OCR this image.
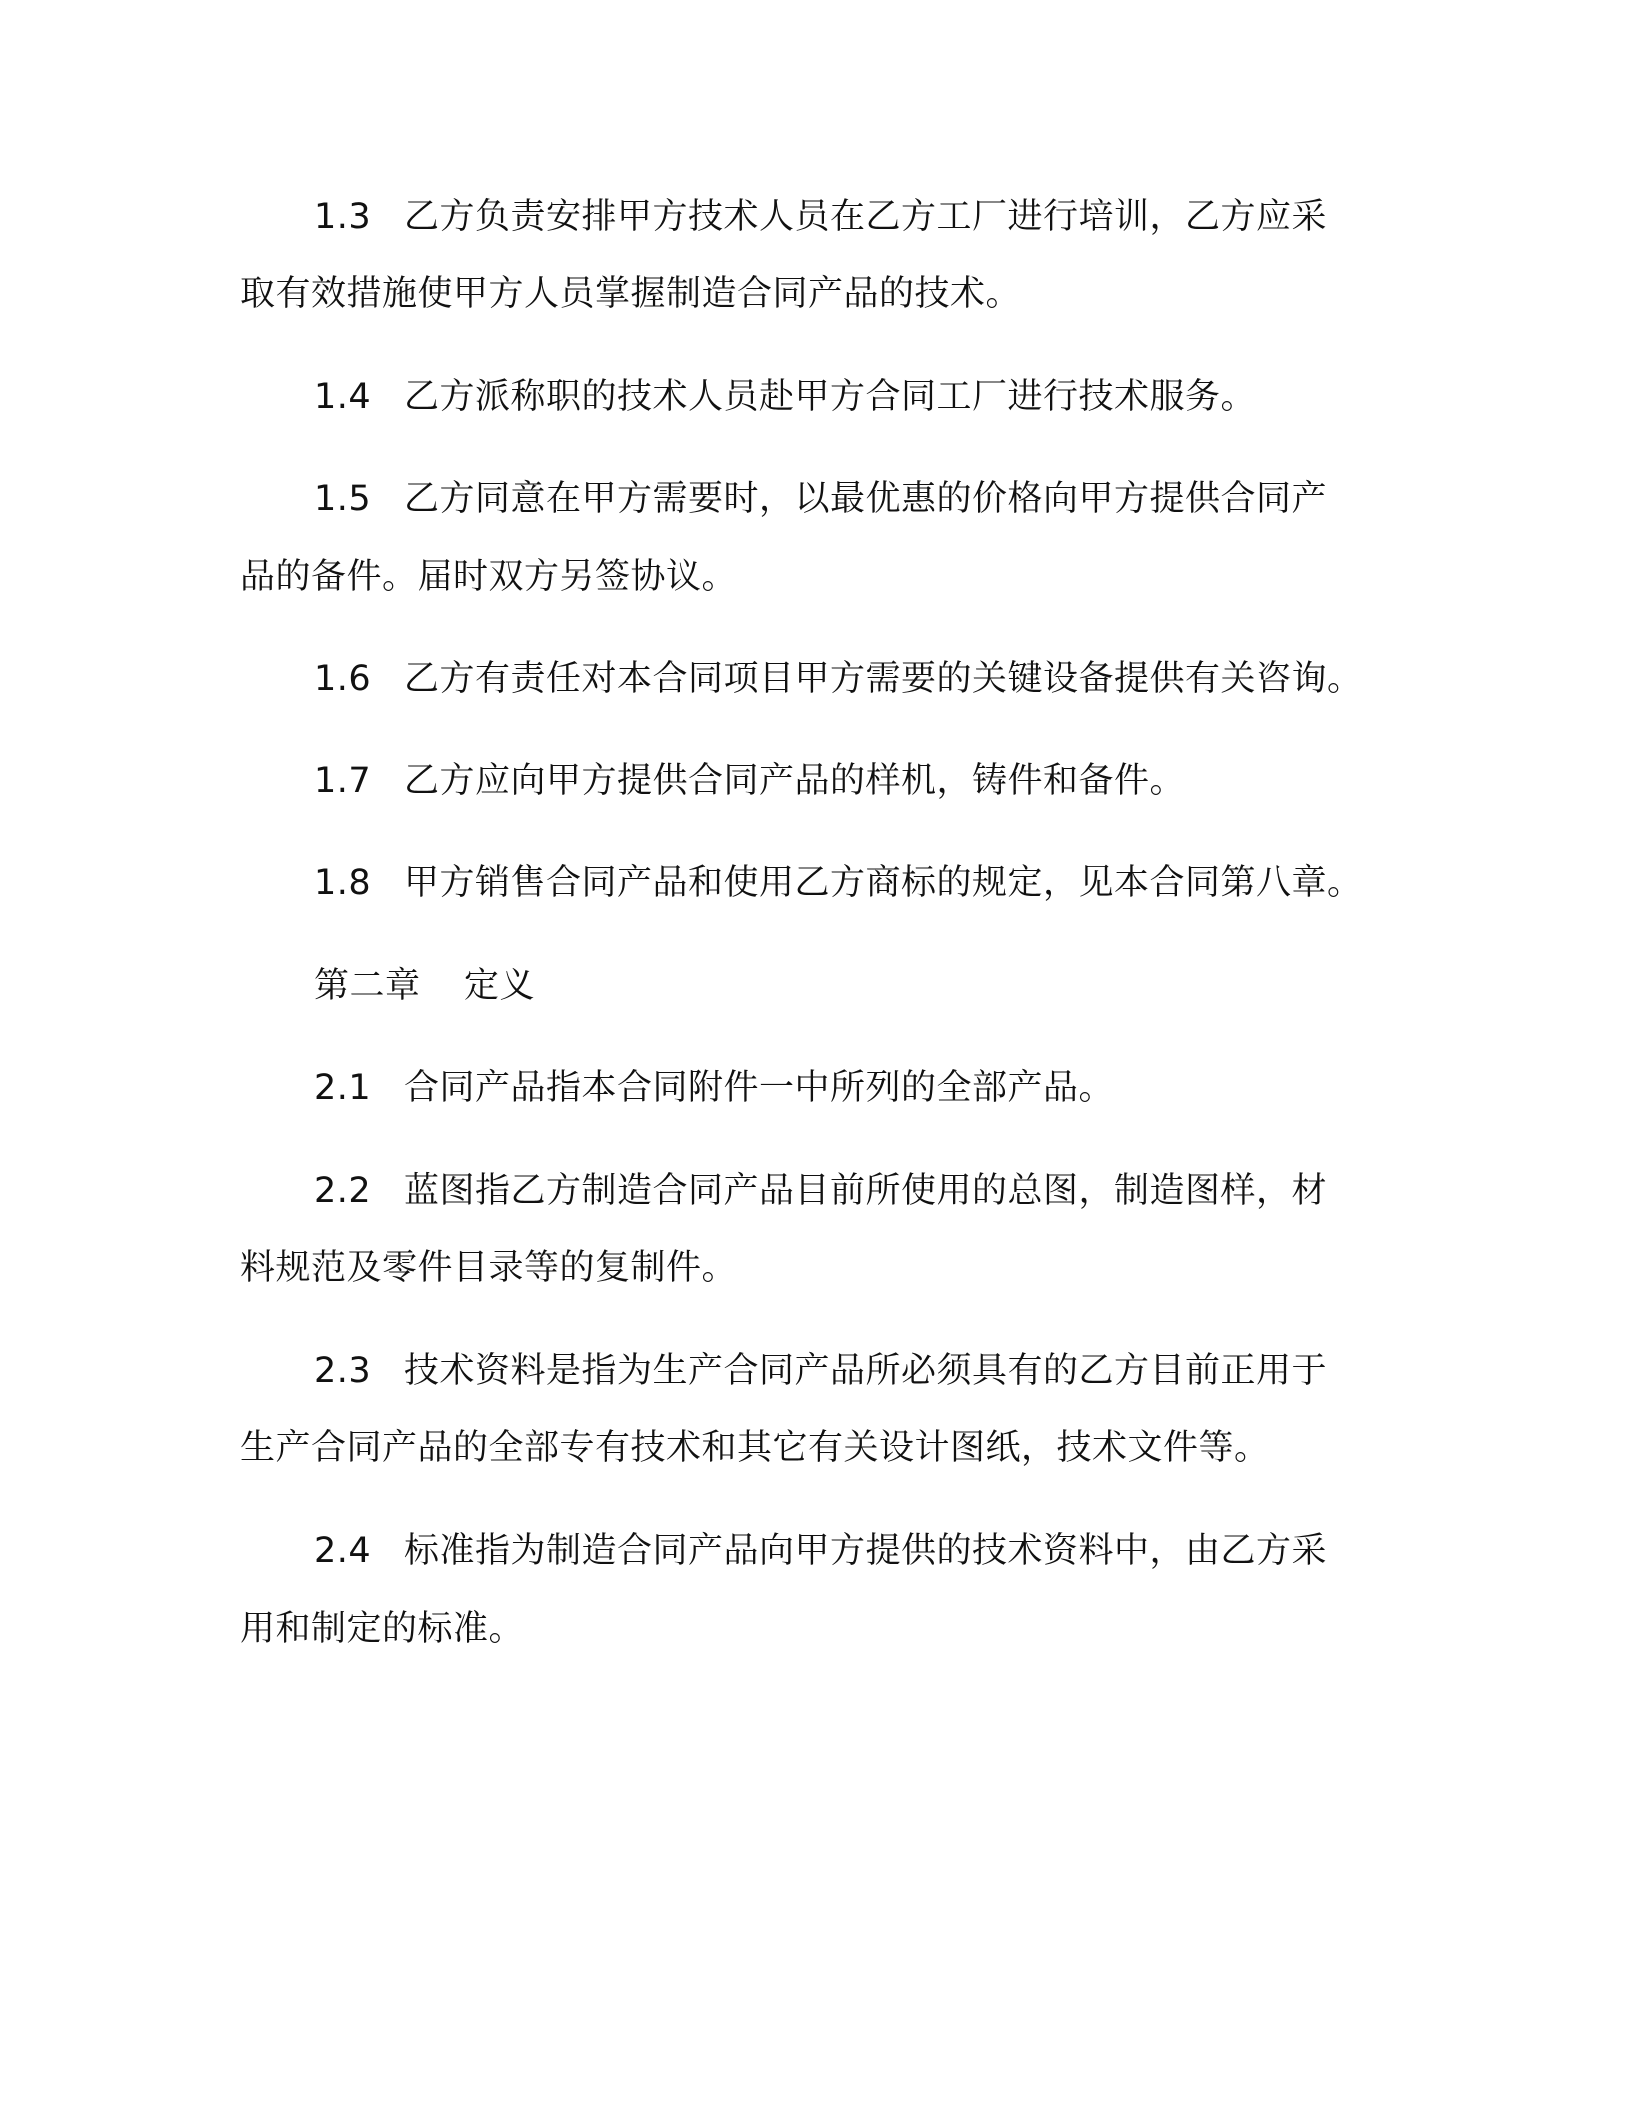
1.3 乙方负责安排甲方技术人员在乙方工厂进行培训，乙方应采
取有效措施使甲方人员掌握制造合同产品的技术。
1.4 乙方派称职的技术人员赴甲方合同工厂进行技术服务。
1.5 乙方同意在甲方需要时，以最优惠的价格向甲方提供合同产
品的备件。届时双方另签协议。
1.6 乙方有责任对本合同项目甲方需要的关键设备提供有关咨询。
1.7 乙方应向甲方提供合同产品的样机，铸件和备件。
1.8 甲方销售合同产品和使用乙方商标的规定，见本合同第八章。
第二章 定义
2.1 合同产品指本合同附件一中所列的全部产品。
2.2 蓝图指乙方制造合同产品目前所使用的总图，制造图样，材
料规范及零件目录等的复制件。
2.3 技术资料是指为生产合同产品所必须具有的乙方目前正用于
生产合同产品的全部专有技术和其它有关设计图纸，技术文件等。
2.4 标准指为制造合同产品向甲方提供的技术资料中，由乙方采
用和制定的标准。
